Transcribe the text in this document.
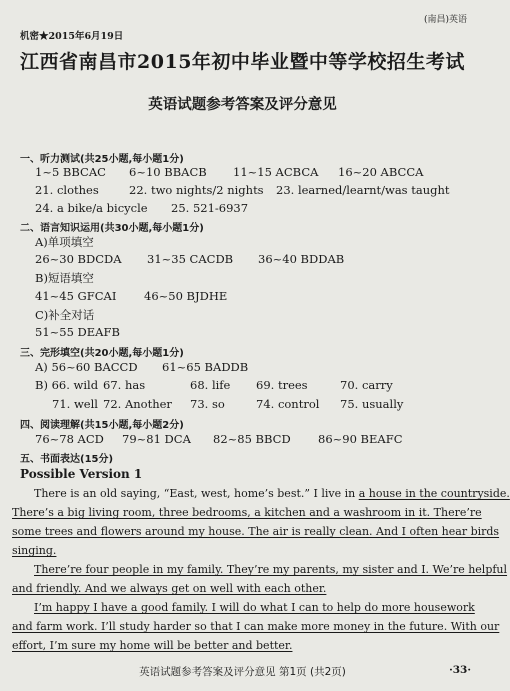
(南昌)英语
机密★2015年6月19日
江西省南昌市2015年初中毕业暨中等学校招生考试
英语试题参考答案及评分意见
一、听力测试(共25小题,每小题1分)
1~5 BBCAC 6~10 BBACB 11~15 ACBCA 16~20 ABCCA
21. clothes	22. two nights/2 nights 23. learned/learnt/was taught
24. a bike/a bicycle 25. 521-6937
二、语言知识运用(共30小题,每小题1分)
A)单项填空
26~30 BDCDA 31~35 CACDB 36~40 BDDAB
B)短语填空
41~45 GFCAI 46~50 BJDHE
C)补全对话
51~55 DEAFB
三、完形填空(共20小题,每小题1分)
A) 56~60 BACCD 61~65 BADDB
B) 66. wild 67. has	68. life 69. trees	70. carry
71. well 72. Another 73. so	74. control 75. usually
四、阅读理解(共15小题,每小题2分)
76~78 ACD 79~81 DCA 82~85 BBCD 86~90 BEAFC
五、书面表达(15分)
Possible Version 1
There is an old saying, “East, west, home’s best.” I live in a house in the countryside.
There’s a big living room, three bedrooms, a kitchen and a washroom in it. There’re
some trees and flowers around my house. The air is really clean. And I often hear birds
singing.
There’re four people in my family. They’re my parents, my sister and I. We’re helpful
and friendly. And we always get on well with each other.
I’m happy I have a good family. I will do what I can to help do more housework
and farm work. I’ll study harder so that I can make more money in the future. With our
effort, I’m sure my home will be better and better.
英语试题参考答案及评分意见 第1页 (共2页)	·33·
